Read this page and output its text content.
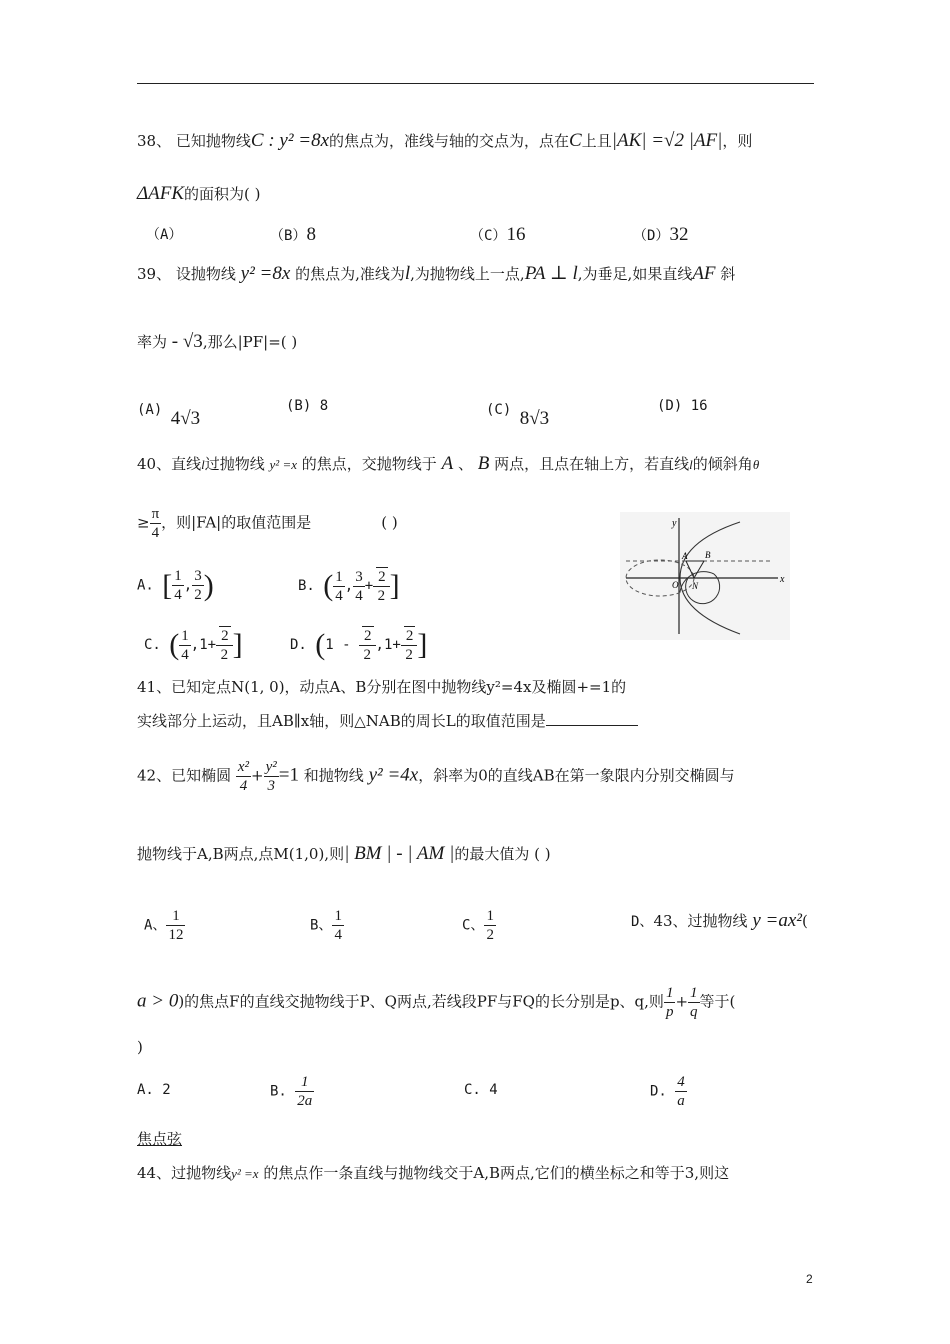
38、 已知抛物线C : y² =8x的焦点为，准线与轴的交点为，点在C上且|AK| =√2 |AF|，则
ΔAFK的面积为( )
（A）	（B）8	（C）16	（D）32
39、 设抛物线 y² =8x 的焦点为,准线为l,为抛物线上一点,PA ⊥ l,为垂足,如果直线AF 斜
率为 - √3,那么|PF|=( )
(A) 4√3
(B) 8	(C) 8√3
(D) 16
40、直线l过抛物线 y² =x 的焦点，交抛物线于 A 、 B 两点，且点在轴上方，若直线l的倾斜角θ
≥ $\frac{\pi}{4}$ ，则|FA|的取值范围是	( )
A. [ $\frac{1}{4}$ , $\frac{3}{2}$ )	B. ( $\frac{1}{4}$ , $\frac{3}{4} + \frac{2}{2}$ ]
C. ( $\frac{1}{4} ,1+ \frac{2}{2}$ ]	D. ($1 - \frac{2}{2} ,1+ \frac{2}{2}$ ]
y
x
A B
O N
41、已知定点N(1, 0)，动点A、B分别在图中抛物线y²=4x及椭圆+=1的
实线部分上运动，且AB∥x轴，则△NAB的周长L的取值范围是
42、已知椭圆 $\frac{\text{x²}}{4} + \frac{\text{y²}}{3} =1$ 和抛物线 y² =4x，斜率为0的直线AB在第一象限内分别交椭圆与
抛物线于A,B两点,点M(1,0),则| BM | - | AM |的最大值为 ( )
A、 $\frac{1}{12}$	B、 $\frac{1}{4}$	C、 $\frac{1}{2}$	D、43、过抛物线 y =ax²(
a > 0)的焦点F的直线交抛物线于P、Q两点,若线段PF与FQ的长分别是p、q,则 $\frac{1}{p} + \frac{1}{q}$ 等于(
)
A. 2	B. $\frac{1}{2a}$	C. 4	D. $\frac{4}{a}$
焦点弦
44、过抛物线y² =x 的焦点作一条直线与抛物线交于A,B两点,它们的横坐标之和等于3,则这
2
